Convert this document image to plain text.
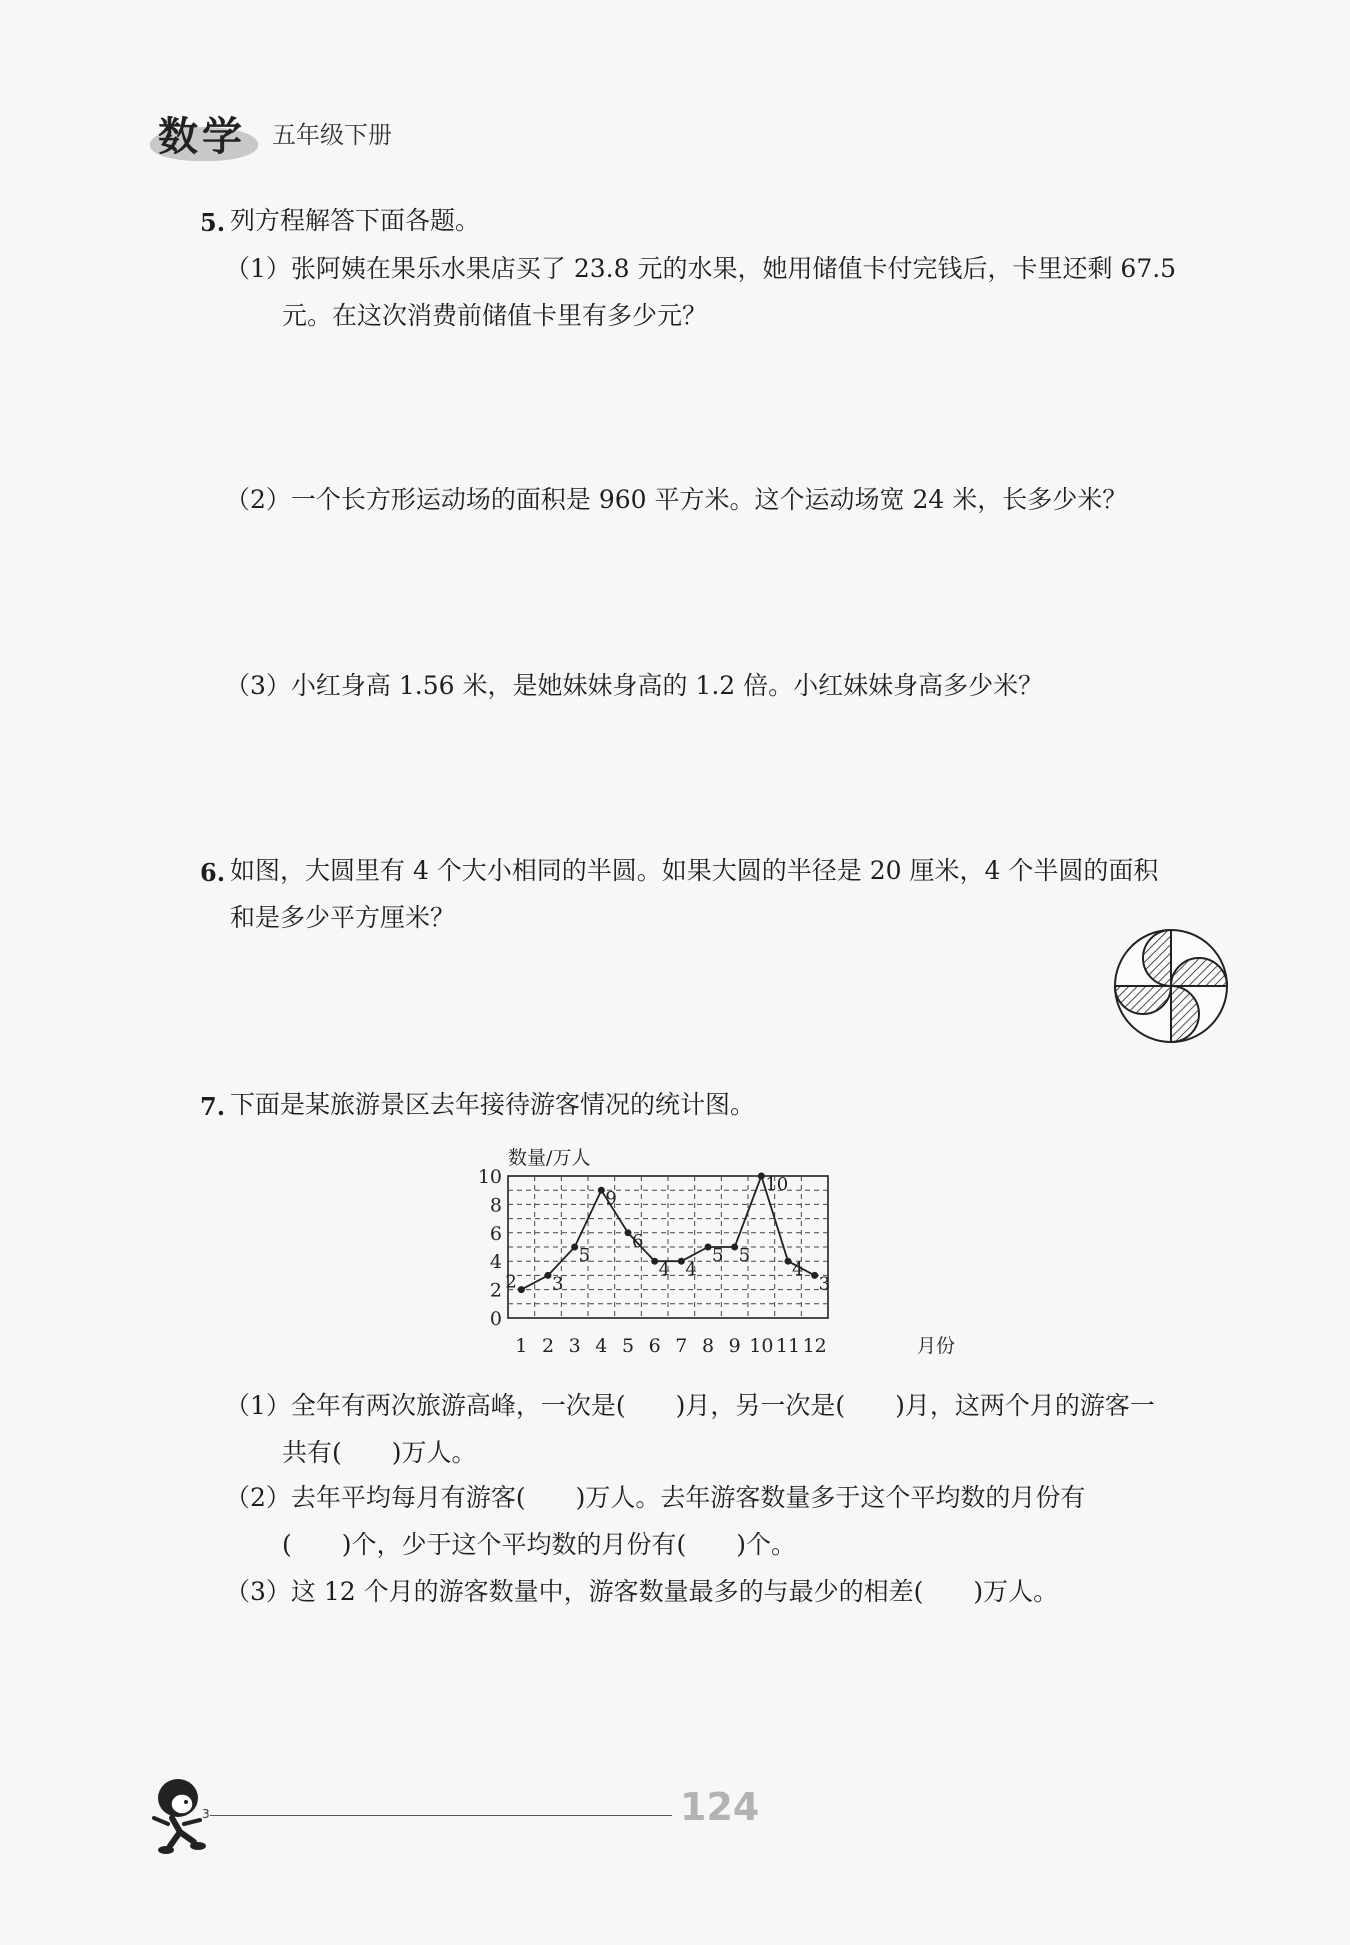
数学 五年级下册
5. 列方程解答下面各题。
（1）张阿姨在果乐水果店买了 23.8 元的水果，她用储值卡付完钱后，卡里还剩 67.5
元。在这次消费前储值卡里有多少元？
（2）一个长方形运动场的面积是 960 平方米。这个运动场宽 24 米，长多少米？
（3）小红身高 1.56 米，是她妹妹身高的 1.2 倍。小红妹妹身高多少米？
6. 如图，大圆里有 4 个大小相同的半圆。如果大圆的半径是 20 厘米，4 个半圆的面积
和是多少平方厘米？
7. 下面是某旅游景区去年接待游客情况的统计图。
数量/万人
月份
0
2
4
6
8
10
1 2 3 4 5 6 7 8 9 10 11 12
2 3
5
9
6
4 4
5 5
10
4
3
（1）全年有两次旅游高峰，一次是(　　)月，另一次是(　　)月，这两个月的游客一
共有(　　)万人。
（2）去年平均每月有游客(　　)万人。去年游客数量多于这个平均数的月份有
(　　)个，少于这个平均数的月份有(　　)个。
（3）这 12 个月的游客数量中，游客数量最多的与最少的相差(　　)万人。
3	124
